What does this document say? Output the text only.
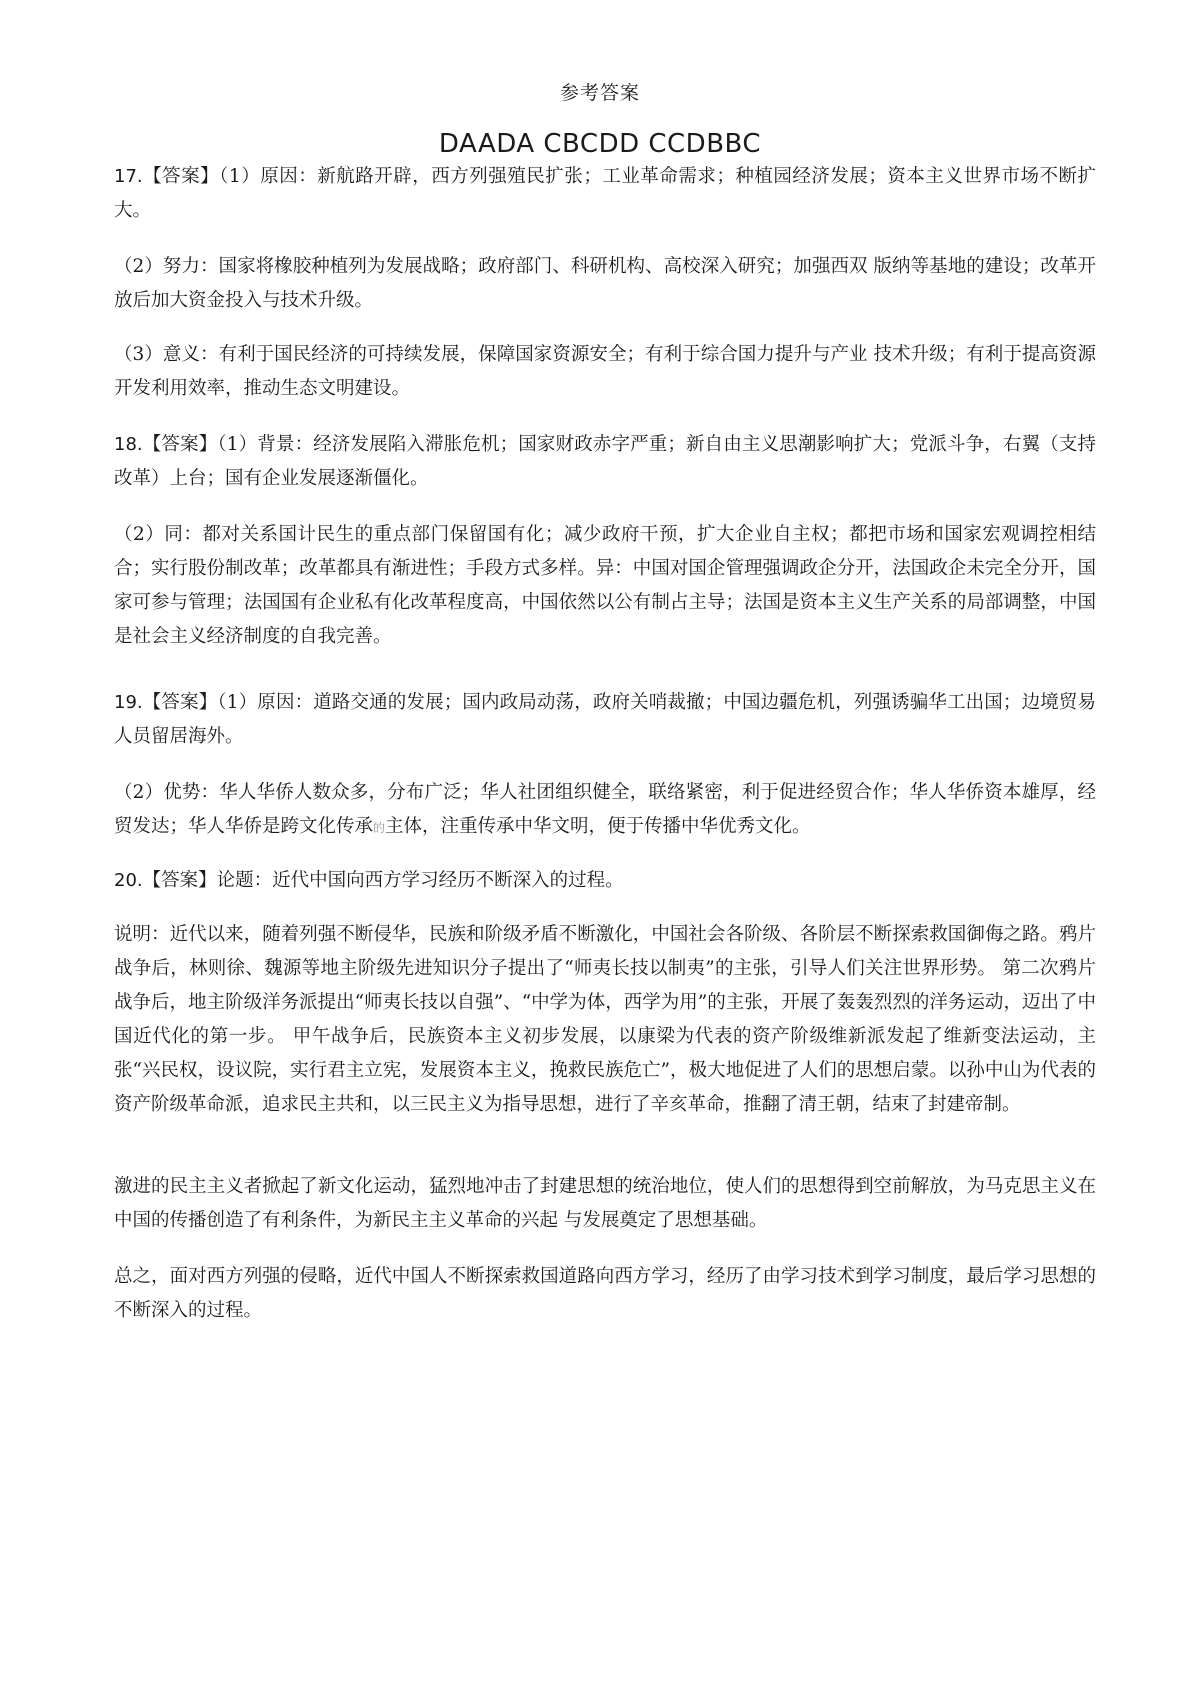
参考答案
DAADA CBCDD CCDBBC

17.【答案】（1）原因：新航路开辟，西方列强殖民扩张；工业革命需求；种植园经济发展；资本主义世界市场不断扩大。

（2）努力：国家将橡胶种植列为发展战略；政府部门、科研机构、高校深入研究；加强西双 版纳等基地的建设；改革开放后加大资金投入与技术升级。

（3）意义：有利于国民经济的可持续发展，保障国家资源安全；有利于综合国力提升与产业 技术升级；有利于提高资源开发利用效率，推动生态文明建设。

18.【答案】（1）背景：经济发展陷入滞胀危机；国家财政赤字严重；新自由主义思潮影响扩大；党派斗争，右翼（支持改革）上台；国有企业发展逐渐僵化。

（2）同：都对关系国计民生的重点部门保留国有化；减少政府干预，扩大企业自主权；都把市场和国家宏观调控相结合；实行股份制改革；改革都具有渐进性；手段方式多样。异：中国对国企管理强调政企分开，法国政企未完全分开，国家可参与管理；法国国有企业私有化改革程度高，中国依然以公有制占主导；法国是资本主义生产关系的局部调整，中国是社会主义经济制度的自我完善。

19.【答案】（1）原因：道路交通的发展；国内政局动荡，政府关哨裁撤；中国边疆危机，列强诱骗华工出国；边境贸易人员留居海外。

（2）优势：华人华侨人数众多，分布广泛；华人社团组织健全，联络紧密，利于促进经贸合作；华人华侨资本雄厚，经贸发达；华人华侨是跨文化传承的主体，注重传承中华文明，便于传播中华优秀文化。

20.【答案】论题：近代中国向西方学习经历不断深入的过程。

说明：近代以来，随着列强不断侵华，民族和阶级矛盾不断激化，中国社会各阶级、各阶层不断探索救国御侮之路。鸦片战争后，林则徐、魏源等地主阶级先进知识分子提出了“师夷长技以制夷”的主张，引导人们关注世界形势。 第二次鸦片战争后，地主阶级洋务派提出“师夷长技以自强”、“中学为体，西学为用”的主张，开展了轰轰烈烈的洋务运动，迈出了中国近代化的第一步。 甲午战争后，民族资本主义初步发展，以康梁为代表的资产阶级维新派发起了维新变法运动，主张“兴民权，设议院，实行君主立宪，发展资本主义，挽救民族危亡”，极大地促进了人们的思想启蒙。以孙中山为代表的资产阶级革命派，追求民主共和，以三民主义为指导思想，进行了辛亥革命，推翻了清王朝，结束了封建帝制。

激进的民主主义者掀起了新文化运动，猛烈地冲击了封建思想的统治地位，使人们的思想得到空前解放，为马克思主义在中国的传播创造了有利条件，为新民主主义革命的兴起 与发展奠定了思想基础。

总之，面对西方列强的侵略，近代中国人不断探索救国道路向西方学习，经历了由学习技术到学习制度，最后学习思想的不断深入的过程。
